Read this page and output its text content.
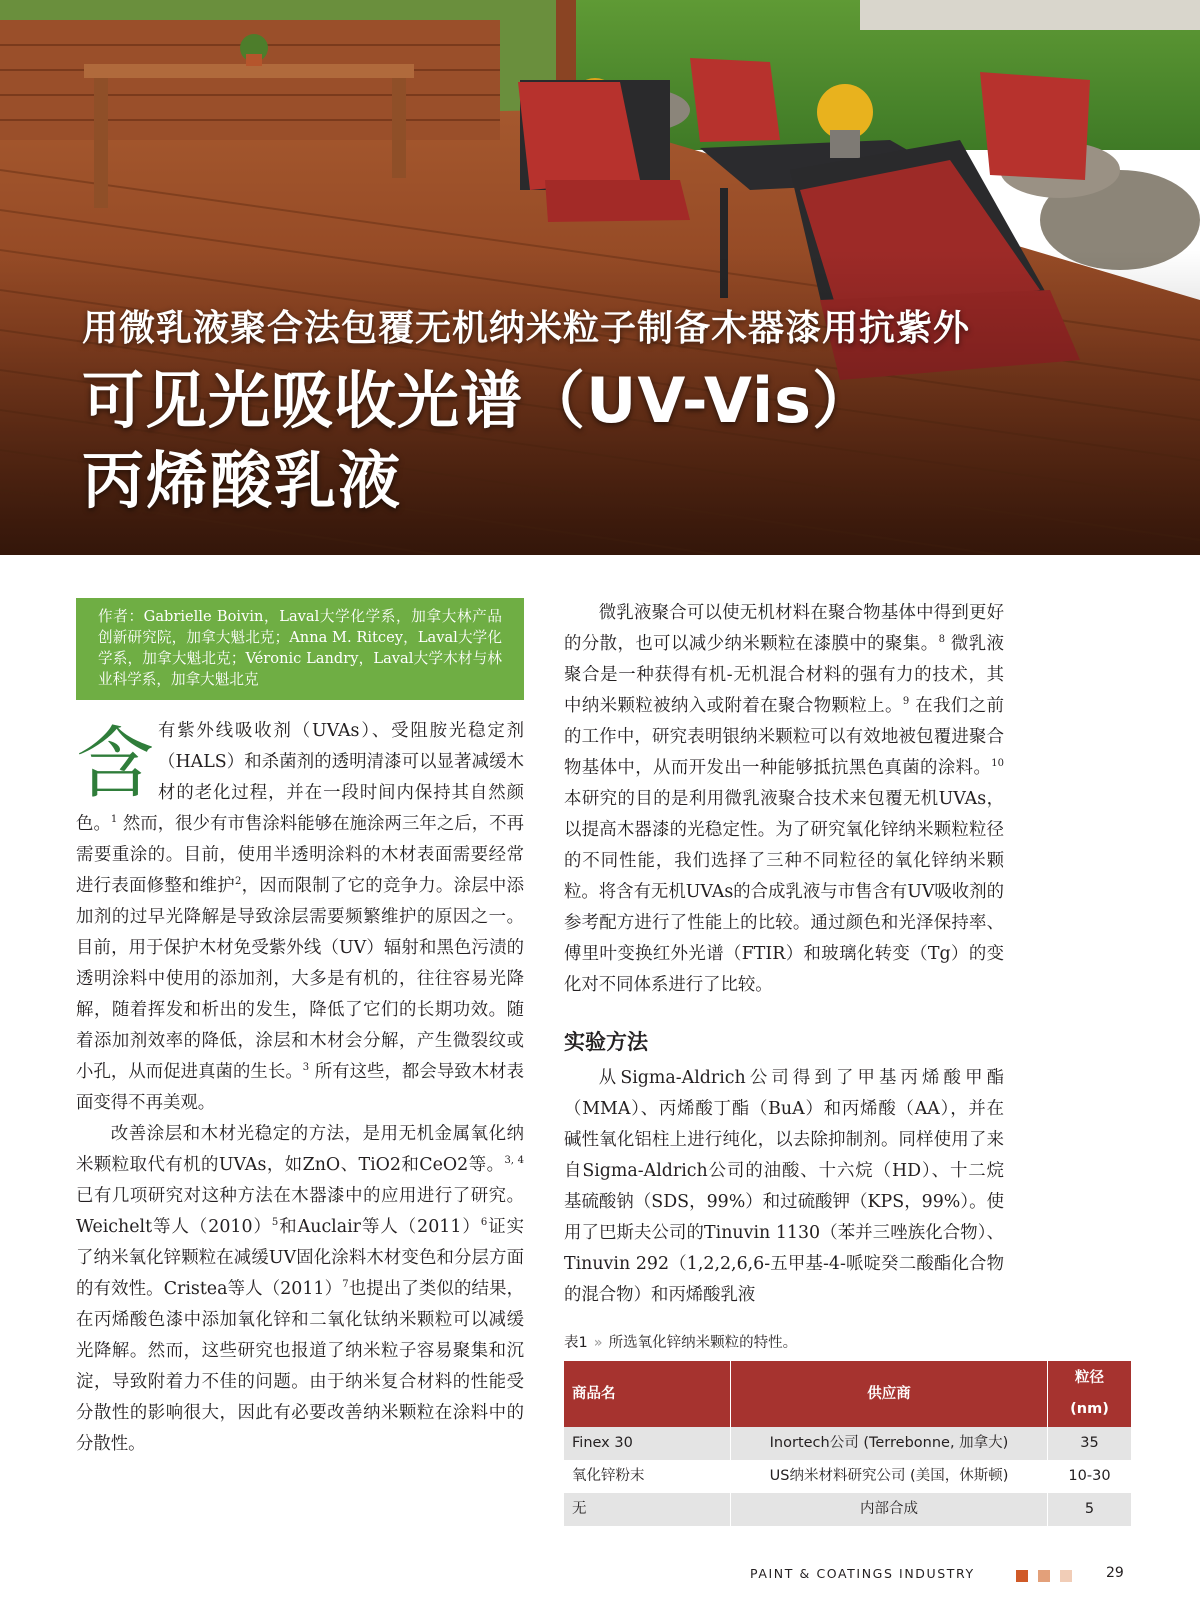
用微乳液聚合法包覆无机纳米粒子制备木器漆用抗紫外

可见光吸收光谱（UV-Vis）

丙烯酸乳液

作者：Gabrielle Boivin，Laval大学化学系，加拿大林产品创新研究院，加拿大魁北克；Anna M. Ritcey，Laval大学化学系，加拿大魁北克；Véronic Landry，Laval大学木材与林业科学系，加拿大魁北克

含有紫外线吸收剂（UVAs）、受阻胺光稳定剂（HALS）和杀菌剂的透明清漆可以显著减缓木材的老化过程，并在一段时间内保持其自然颜色。$^1$ 然而，很少有市售涂料能够在施涂两三年之后，不再需要重涂的。目前，使用半透明涂料的木材表面需要经常进行表面修整和维护$^2$，因而限制了它的竞争力。涂层中添加剂的过早光降解是导致涂层需要频繁维护的原因之一。目前，用于保护木材免受紫外线（UV）辐射和黑色污渍的透明涂料中使用的添加剂，大多是有机的，往往容易光降解，随着挥发和析出的发生，降低了它们的长期功效。随着添加剂效率的降低，涂层和木材会分解，产生微裂纹或小孔，从而促进真菌的生长。$^3$ 所有这些，都会导致木材表面变得不再美观。

改善涂层和木材光稳定的方法，是用无机金属氧化纳米颗粒取代有机的UVAs，如ZnO、TiO2和CeO2等。$^{3, 4}$ 已有几项研究对这种方法在木器漆中的应用进行了研究。Weichelt等人$(2010)^5$和Auclair等人$(2011)^6$证实了纳米氧化锌颗粒在减缓UV固化涂料木材变色和分层方面的有效性。Cristea等人$(2011)^7$也提出了类似的结果，在丙烯酸色漆中添加氧化锌和二氧化钛纳米颗粒可以减缓光降解。然而，这些研究也报道了纳米粒子容易聚集和沉淀，导致附着力不佳的问题。由于纳米复合材料的性能受分散性的影响很大，因此有必要改善纳米颗粒在涂料中的分散性。

微乳液聚合可以使无机材料在聚合物基体中得到更好的分散，也可以减少纳米颗粒在漆膜中的聚集。$^8$ 微乳液聚合是一种获得有机-无机混合材料的强有力的技术，其中纳米颗粒被纳入或附着在聚合物颗粒上。$^9$ 在我们之前的工作中，研究表明银纳米颗粒可以有效地被包覆进聚合物基体中，从而开发出一种能够抵抗黑色真菌的涂料。$^{10}$ 本研究的目的是利用微乳液聚合技术来包覆无机UVAs，以提高木器漆的光稳定性。为了研究氧化锌纳米颗粒粒径的不同性能，我们选择了三种不同粒径的氧化锌纳米颗粒。将含有无机UVAs的合成乳液与市售含有UV吸收剂的参考配方进行了性能上的比较。通过颜色和光泽保持率、傅里叶变换红外光谱（FTIR）和玻璃化转变（Tg）的变化对不同体系进行了比较。

实验方法

从Sigma-Aldrich公司得到了甲基丙烯酸甲酯（MMA）、丙烯酸丁酯（BuA）和丙烯酸（AA），并在碱性氧化铝柱上进行纯化，以去除抑制剂。同样使用了来自Sigma-Aldrich公司的油酸、十六烷（HD）、十二烷基硫酸钠（SDS，99%）和过硫酸钾（KPS，99%）。使用了巴斯夫公司的Tinuvin 1130（苯并三唑族化合物）、Tinuvin 292（1,2,2,6,6-五甲基-4-哌啶癸二酸酯化合物的混合物）和丙烯酸乳液

表1 » 所选氧化锌纳米颗粒的特性。
商品名	供应商	粒径(nm)
Finex 30	Inortech公司 (Terrebonne, 加拿大)	35
氧化锌粉末	US纳米材料研究公司 (美国，休斯顿)	10-30
无	内部合成	5
PAINT & COATINGS INDUSTRY	29
